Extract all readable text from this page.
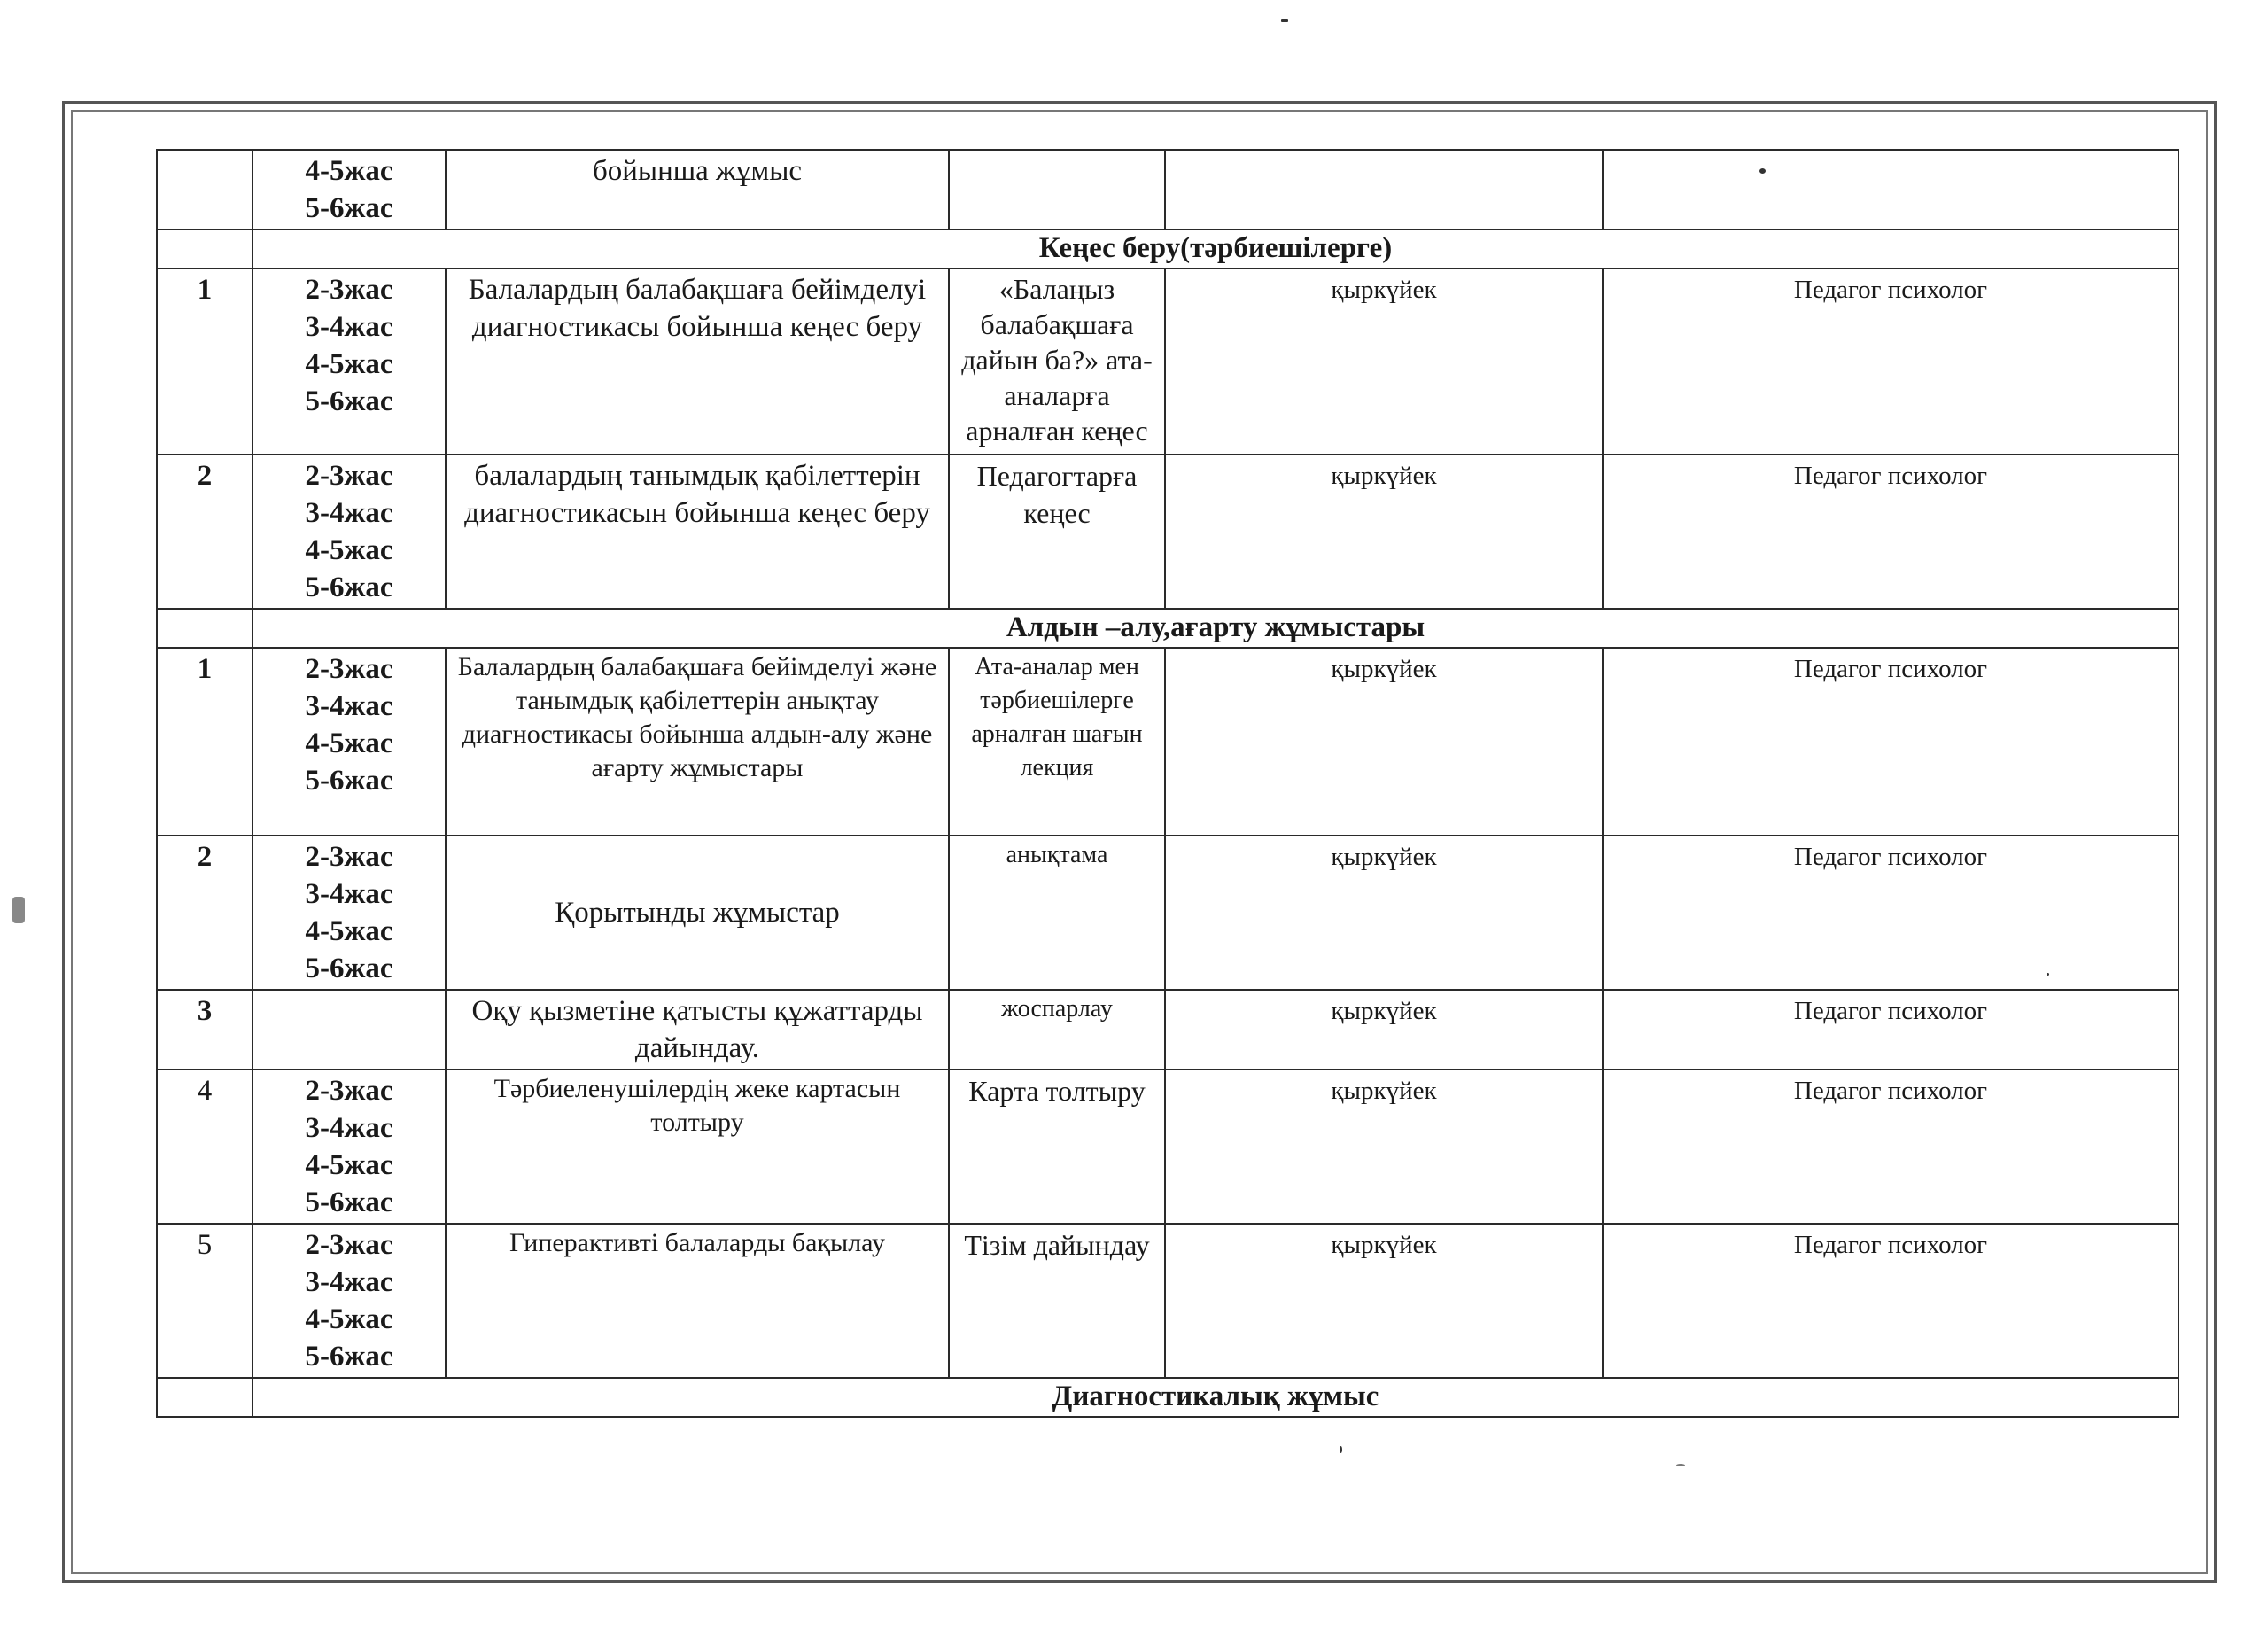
	4-5жас
5-6жас	бойынша жұмыс			
	Кеңес беру(тәрбиешілерге)				
1	2-3жас
3-4жас
4-5жас
5-6жас	Балалардың балабақшаға бейімделуі диагностикасы бойынша кеңес беру	«Балаңыз балабақшаға дайын ба?» ата-аналарға арналған кеңес	қыркүйек	Педагог психолог
2	2-3жас
3-4жас
4-5жас
5-6жас	балалардың танымдық қабілеттерін диагностикасын бойынша кеңес беру	Педагогтарға кеңес	қыркүйек	Педагог психолог
	Алдын –алу,ағарту жұмыстары				
1	2-3жас
3-4жас
4-5жас
5-6жас	Балалардың балабақшаға бейімделуі және танымдық қабілеттерін анықтау диагностикасы бойынша алдын-алу және ағарту жұмыстары	Ата-аналар мен тәрбиешілерге арналған шағын лекция	қыркүйек	Педагог психолог
2	2-3жас
3-4жас
4-5жас
5-6жас	Қорытынды жұмыстар	анықтама	қыркүйек	Педагог психолог
3		Оқу қызметіне қатысты құжаттарды дайындау.	жоспарлау	қыркүйек	Педагог психолог
4	2-3жас
3-4жас
4-5жас
5-6жас	Тәрбиеленушілердің жеке картасын толтыру	Карта толтыру	қыркүйек	Педагог психолог
5	2-3жас
3-4жас
4-5жас
5-6жас	Гиперактивті балаларды бақылау	Тізім дайындау	қыркүйек	Педагог психолог
	Диагностикалық жұмыс				
